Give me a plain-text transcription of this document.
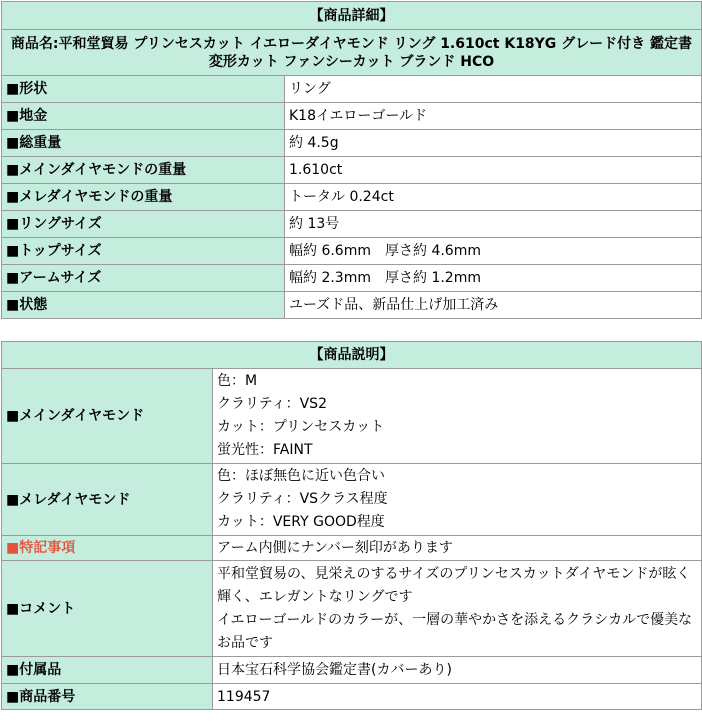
【商品詳細】	
商品名:平和堂貿易 プリンセスカット イエローダイヤモンド リング 1.610ct K18YG グレード付き 鑑定書 変形カット ファンシーカット ブランド HCO	
■形状	リング
■地金	K18イエローゴールド
■総重量	約 4.5g
■メインダイヤモンドの重量	1.610ct
■メレダイヤモンドの重量	トータル 0.24ct
■リングサイズ	約 13号
■トップサイズ	幅約 6.6mm　厚さ約 4.6mm
■アームサイズ	幅約 2.3mm　厚さ約 1.2mm
■状態	ユーズド品、新品仕上げ加工済み
【商品説明】	
■メインダイヤモンド	色：M
クラリティ：VS2
カット：プリンセスカット
蛍光性：FAINT

■メレダイヤモンド	色：ほぼ無色に近い色合い
クラリティ：VSクラス程度
カット：VERY GOOD程度

■特記事項	アーム内側にナンバー刻印があります
■コメント	平和堂貿易の、見栄えのするサイズのプリンセスカットダイヤモンドが眩く輝く、エレガントなリングです
イエローゴールドのカラーが、一層の華やかさを添えるクラシカルで優美なお品です

■付属品	日本宝石科学協会鑑定書(カバーあり)
■商品番号	119457
